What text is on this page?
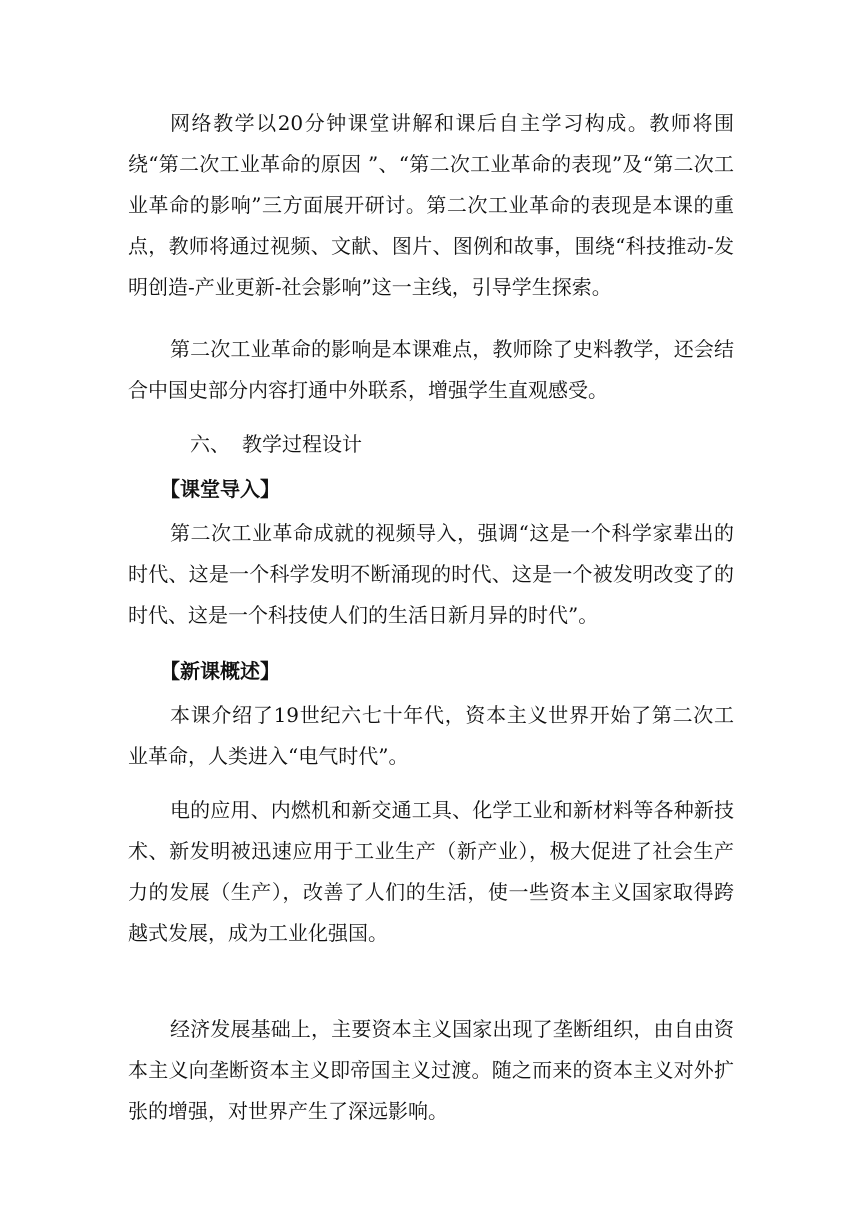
网络教学以20分钟课堂讲解和课后自主学习构成。教师将围绕“第二次工业革命的原因 ”、“第二次工业革命的表现”及“第二次工业革命的影响”三方面展开研讨。第二次工业革命的表现是本课的重点，教师将通过视频、文献、图片、图例和故事，围绕“科技推动-发明创造-产业更新-社会影响”这一主线，引导学生探索。
第二次工业革命的影响是本课难点，教师除了史料教学，还会结合中国史部分内容打通中外联系，增强学生直观感受。
六、 教学过程设计
【课堂导入】
第二次工业革命成就的视频导入，强调“这是一个科学家辈出的时代、这是一个科学发明不断涌现的时代、这是一个被发明改变了的时代、这是一个科技使人们的生活日新月异的时代”。
【新课概述】
本课介绍了19世纪六七十年代，资本主义世界开始了第二次工业革命，人类进入“电气时代”。
电的应用、内燃机和新交通工具、化学工业和新材料等各种新技术、新发明被迅速应用于工业生产（新产业），极大促进了社会生产力的发展（生产），改善了人们的生活，使一些资本主义国家取得跨越式发展，成为工业化强国。
经济发展基础上，主要资本主义国家出现了垄断组织，由自由资本主义向垄断资本主义即帝国主义过渡。随之而来的资本主义对外扩张的增强，对世界产生了深远影响。
